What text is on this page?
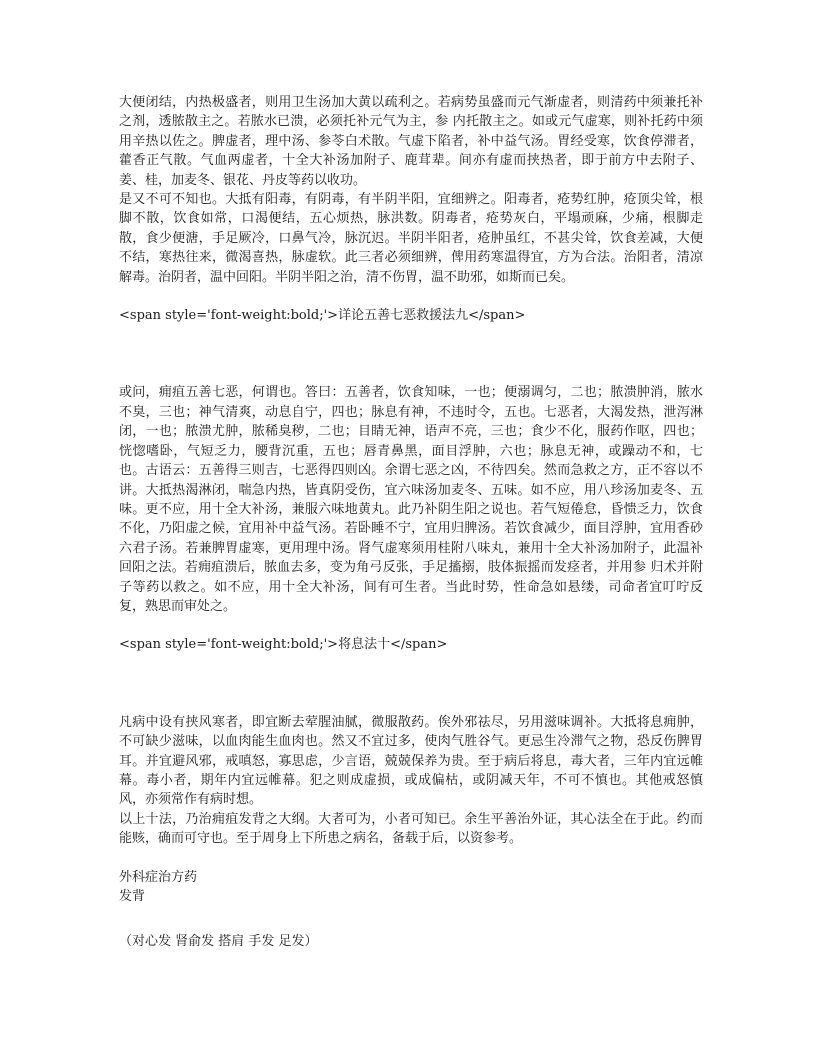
大便闭结，内热极盛者，则用卫生汤加大黄以疏利之。若病势虽盛而元气渐虚者，则清药中须兼托补之剂，透脓散主之。若脓水已溃，必须托补元气为主，参 内托散主之。如或元气虚寒，则补托药中须用辛热以佐之。脾虚者，理中汤、参苓白术散。气虚下陷者，补中益气汤。胃经受寒，饮食停滞者，藿香正气散。气血两虚者，十全大补汤加附子、鹿茸辈。间亦有虚而挟热者，即于前方中去附子、姜、桂，加麦冬、银花、丹皮等药以收功。

是又不可不知也。大抵有阳毒，有阴毒，有半阴半阳，宜细辨之。阳毒者，疮势红肿，疮顶尖耸，根脚不散，饮食如常，口渴便结，五心烦热，脉洪数。阴毒者，疮势灰白，平塌顽麻，少痛，根脚走散，食少便溏，手足厥冷，口鼻气冷，脉沉迟。半阴半阳者，疮肿虽红，不甚尖耸，饮食差减，大便不结，寒热往来，微渴喜热，脉虚软。此三者必须细辨，俾用药寒温得宜，方为合法。治阳者，清凉解毒。治阴者，温中回阳。半阴半阳之治，清不伤胃，温不助邪，如斯而已矣。

<span style='font-weight:bold;'>详论五善七恶救援法九</span>

或问，痈疽五善七恶，何谓也。答曰：五善者，饮食知味，一也；便溺调匀，二也；脓溃肿消，脓水不臭，三也；神气清爽，动息自宁，四也；脉息有神，不违时令，五也。七恶者，大渴发热，泄泻淋闭，一也；脓溃尤肿，脓稀臭秽，二也；目睛无神，语声不亮，三也；食少不化，服药作呕，四也；恍惚嗜卧，气短乏力，腰背沉重，五也；唇青鼻黑，面目浮肿，六也；脉息无神，或躁动不和，七也。古语云：五善得三则吉，七恶得四则凶。余谓七恶之凶，不待四矣。然而急救之方，正不容以不讲。大抵热渴淋闭，喘急内热，皆真阴受伤，宜六味汤加麦冬、五味。如不应，用八珍汤加麦冬、五味。更不应，用十全大补汤，兼服六味地黄丸。此乃补阴生阳之说也。若气短倦怠，昏愦乏力，饮食不化，乃阳虚之候，宜用补中益气汤。若卧睡不宁，宜用归脾汤。若饮食减少，面目浮肿，宜用香砂六君子汤。若兼脾胃虚寒，更用理中汤。肾气虚寒须用桂附八味丸，兼用十全大补汤加附子，此温补回阳之法。若痈疽溃后，脓血去多，变为角弓反张，手足搐搦，肢体振摇而发痉者，并用参 归术并附子等药以救之。如不应，用十全大补汤，间有可生者。当此时势，性命急如悬缕，司命者宜叮咛反复，熟思而审处之。

<span style='font-weight:bold;'>将息法十</span>

凡病中设有挟风寒者，即宜断去荤腥油腻，微服散药。俟外邪祛尽，另用滋味调补。大抵将息痈肿，不可缺少滋味，以血肉能生血肉也。然又不宜过多，使肉气胜谷气。更忌生冷滞气之物，恐反伤脾胃耳。并宜避风邪，戒嗔怒，寡思虑，少言语，兢兢保养为贵。至于病后将息，毒大者，三年内宜远帷幕。毒小者，期年内宜远帷幕。犯之则成虚损，或成偏枯，或阴减天年，不可不慎也。其他戒怒慎风，亦须常作有病时想。

以上十法，乃治痈疽发背之大纲。大者可为，小者可知已。余生平善治外证，其心法全在于此。约而能赅，确而可守也。至于周身上下所患之病名，备载于后，以资参考。

外科症治方药

发背

（对心发 肾俞发 搭肩 手发 足发）
